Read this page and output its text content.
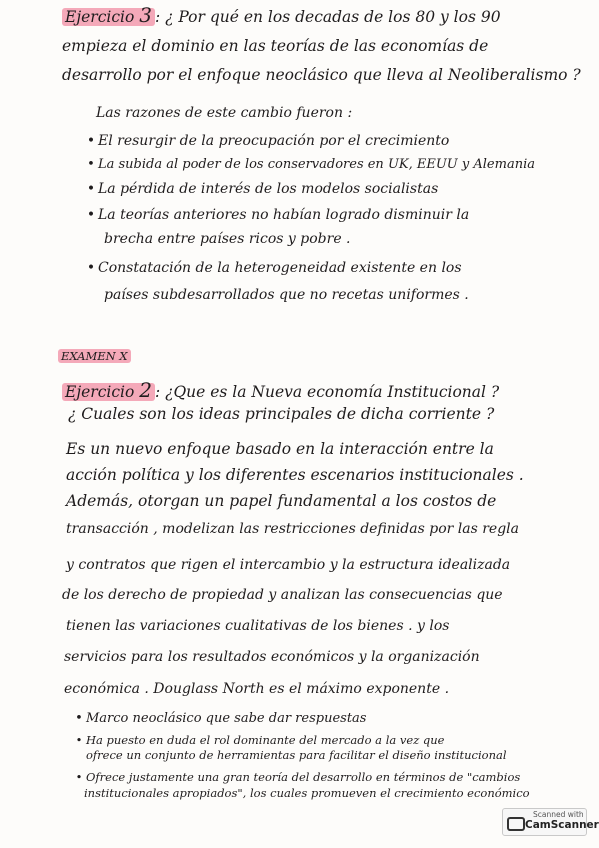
Ejercicio 3 : ¿ Por qué en los decadas de los 80 y los 90
empieza el dominio en las teorías de las economías de
desarrollo por el enfoque neoclásico que lleva al Neoliberalismo ?
Las razones de este cambio fueron :
• El resurgir de la preocupación por el crecimiento
• La subida al poder de los conservadores en UK, EEUU y Alemania
• La pérdida de interés de los modelos socialistas
• La teorías anteriores no habían logrado disminuir la
brecha entre países ricos y pobre .
• Constatación de la heterogeneidad existente en los
países subdesarrollados que no recetas uniformes .
EXAMEN X
Ejercicio 2 : ¿Que es la Nueva economía Institucional ?
¿ Cuales son los ideas principales de dicha corriente ?
Es un nuevo enfoque basado en la interacción entre la
acción política y los diferentes escenarios institucionales .
Además, otorgan un papel fundamental a los costos de
transacción , modelizan las restricciones definidas por las regla
y contratos que rigen el intercambio y la estructura idealizada
de los derecho de propiedad y analizan las consecuencias que
tienen las variaciones cualitativas de los bienes . y los
servicios para los resultados económicos y la organización
económica . Douglass North es el máximo exponente .
• Marco neoclásico que sabe dar respuestas
• Ha puesto en duda el rol dominante del mercado a la vez que
ofrece un conjunto de herramientas para facilitar el diseño institucional
• Ofrece justamente una gran teoría del desarrollo en términos de "cambios
institucionales apropiados", los cuales promueven el crecimiento económico
Scanned with
CamScanner
